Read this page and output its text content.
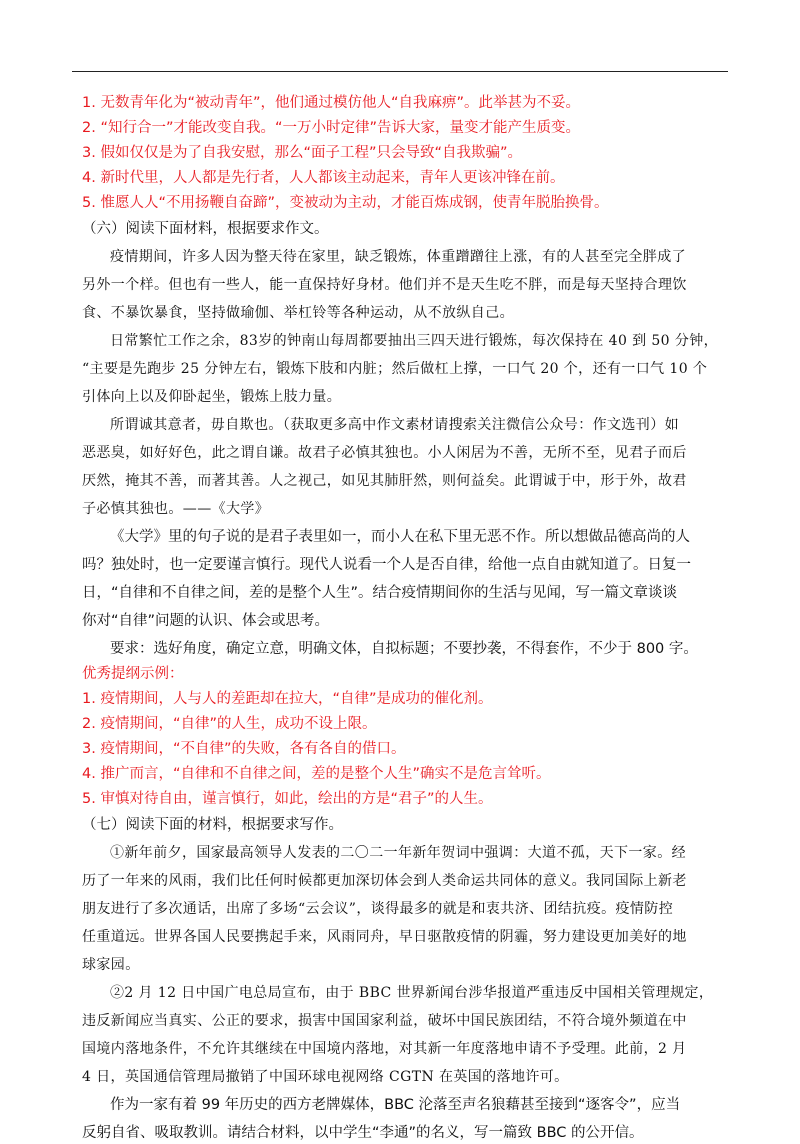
1. 无数青年化为“被动青年”，他们通过模仿他人“自我麻痹”。此举甚为不妥。
2. “知行合一”才能改变自我。“一万小时定律”告诉大家，量变才能产生质变。
3. 假如仅仅是为了自我安慰，那么“面子工程”只会导致“自我欺骗”。
4. 新时代里，人人都是先行者，人人都该主动起来，青年人更该冲锋在前。
5. 惟愿人人“不用扬鞭自奋蹄”，变被动为主动，才能百炼成钢，使青年脱胎换骨。
（六）阅读下面材料，根据要求作文。
疫情期间，许多人因为整天待在家里，缺乏锻炼，体重蹭蹭往上涨，有的人甚至完全胖成了
另外一个样。但也有一些人，能一直保持好身材。他们并不是天生吃不胖，而是每天坚持合理饮
食、不暴饮暴食，坚持做瑜伽、举杠铃等各种运动，从不放纵自己。
日常繁忙工作之余，83岁的钟南山每周都要抽出三四天进行锻炼，每次保持在 40 到 50 分钟，
“主要是先跑步 25 分钟左右，锻炼下肢和内脏；然后做杠上撑，一口气 20 个，还有一口气 10 个
引体向上以及仰卧起坐，锻炼上肢力量。
所谓诚其意者，毋自欺也。（获取更多高中作文素材请搜索关注微信公众号：作文选刊）如
恶恶臭，如好好色，此之谓自谦。故君子必慎其独也。小人闲居为不善，无所不至，见君子而后
厌然，掩其不善，而著其善。人之视己，如见其肺肝然，则何益矣。此谓诚于中，形于外，故君
子必慎其独也。——《大学》
《大学》里的句子说的是君子表里如一，而小人在私下里无恶不作。所以想做品德高尚的人
吗？独处时，也一定要谨言慎行。现代人说看一个人是否自律，给他一点自由就知道了。日复一
日，“自律和不自律之间，差的是整个人生”。结合疫情期间你的生活与见闻，写一篇文章谈谈
你对“自律”问题的认识、体会或思考。
要求：选好角度，确定立意，明确文体，自拟标题；不要抄袭，不得套作，不少于 800 字。
优秀提纲示例：
1. 疫情期间，人与人的差距却在拉大，“自律”是成功的催化剂。
2. 疫情期间，“自律”的人生，成功不设上限。
3. 疫情期间，“不自律”的失败，各有各自的借口。
4. 推广而言，“自律和不自律之间，差的是整个人生”确实不是危言耸听。
5. 审慎对待自由，谨言慎行，如此，绘出的方是“君子”的人生。
（七）阅读下面的材料，根据要求写作。
①新年前夕，国家最高领导人发表的二〇二一年新年贺词中强调：大道不孤，天下一家。经
历了一年来的风雨，我们比任何时候都更加深切体会到人类命运共同体的意义。我同国际上新老
朋友进行了多次通话，出席了多场“云会议”，谈得最多的就是和衷共济、团结抗疫。疫情防控
任重道远。世界各国人民要携起手来，风雨同舟，早日驱散疫情的阴霾，努力建设更加美好的地
球家园。
②2 月 12 日中国广电总局宣布，由于 BBC 世界新闻台涉华报道严重违反中国相关管理规定，
违反新闻应当真实、公正的要求，损害中国国家利益，破坏中国民族团结，不符合境外频道在中
国境内落地条件，不允许其继续在中国境内落地，对其新一年度落地申请不予受理。此前，2 月
4 日，英国通信管理局撤销了中国环球电视网络 CGTN 在英国的落地许可。
作为一家有着 99 年历史的西方老牌媒体，BBC 沦落至声名狼藉甚至接到“逐客令”，应当
反躬自省、吸取教训。请结合材料，以中学生“李通”的名义，写一篇致 BBC 的公开信。
